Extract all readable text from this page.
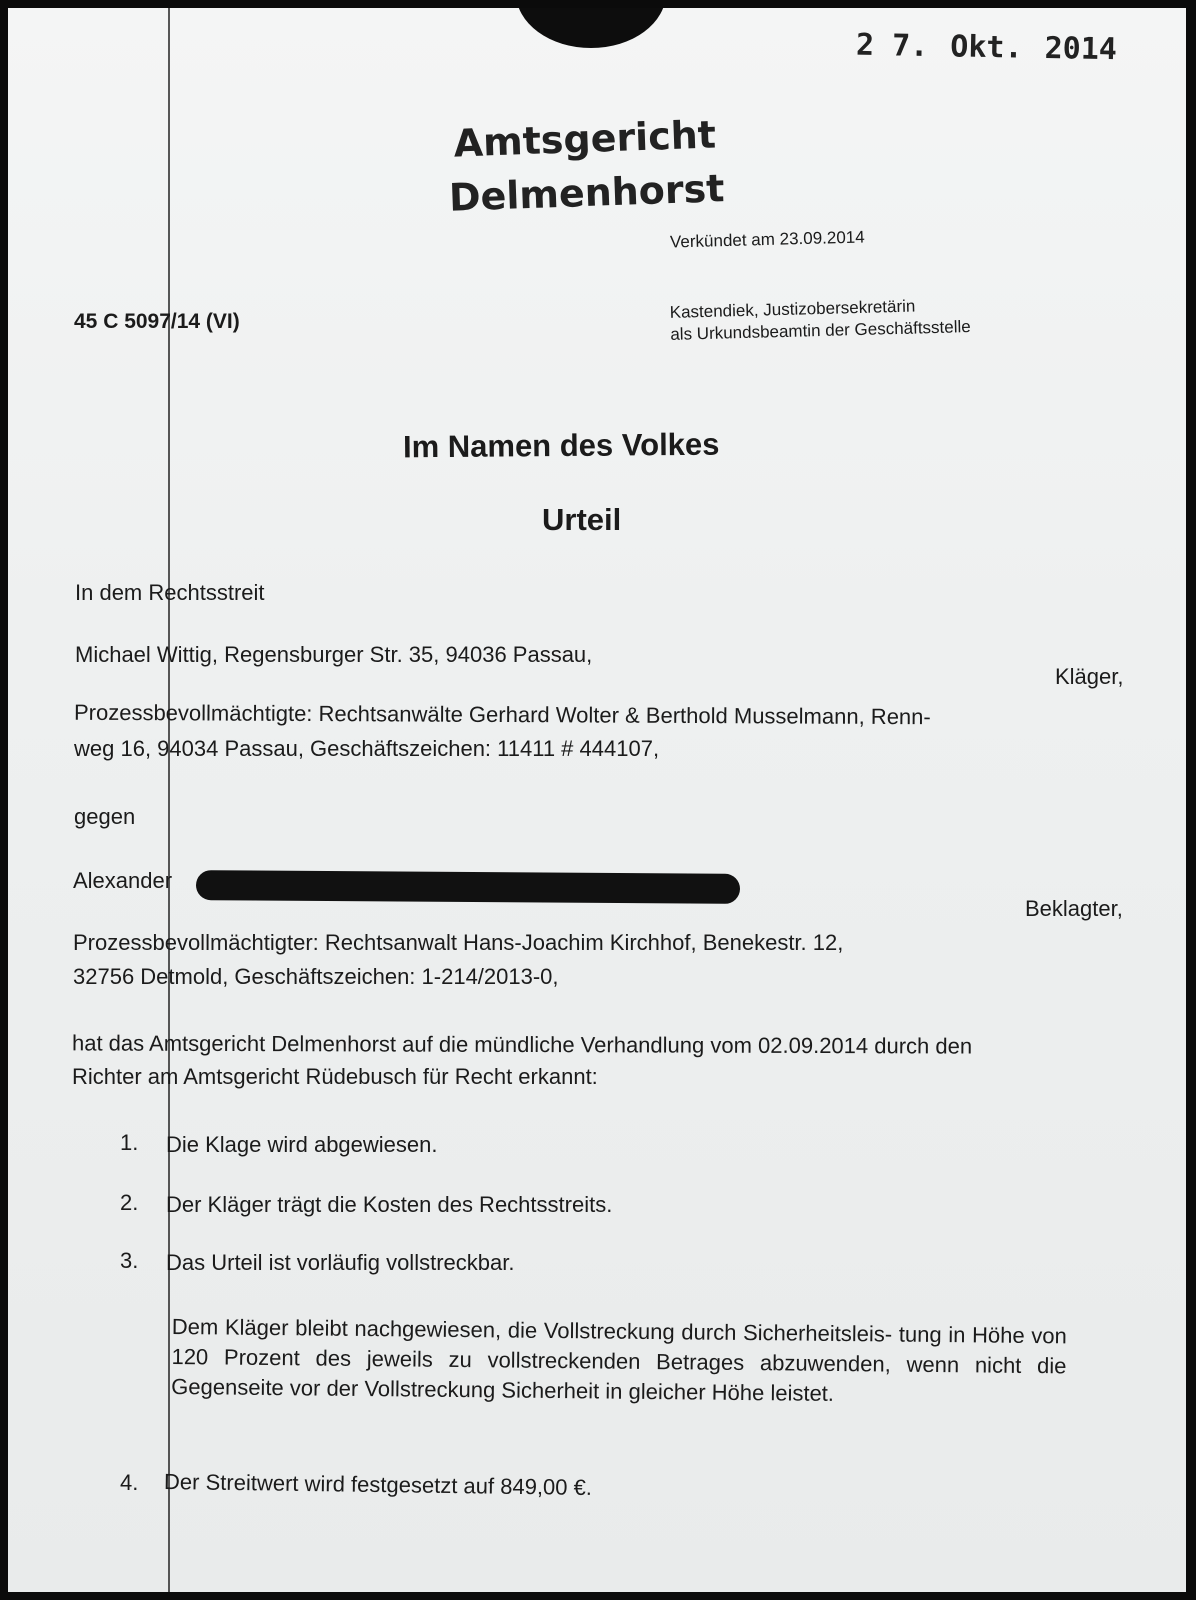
2 7. Okt. 2014
Amtsgericht
Delmenhorst
Verkündet am 23.09.2014
45 C 5097/14 (VI)	Kastendiek, Justizobersekretärin
als Urkundsbeamtin der Geschäftsstelle
Im Namen des Volkes
Urteil
In dem Rechtsstreit
Michael Wittig, Regensburger Str. 35, 94036 Passau,
Kläger,
Prozessbevollmächtigte: Rechtsanwälte Gerhard Wolter & Berthold Musselmann, Renn-
weg 16, 94034 Passau, Geschäftszeichen: 11411 # 444107,
gegen
Alexander
Beklagter,
Prozessbevollmächtigter: Rechtsanwalt Hans-Joachim Kirchhof, Benekestr. 12,
32756 Detmold, Geschäftszeichen: 1-214/2013-0,
hat das Amtsgericht Delmenhorst auf die mündliche Verhandlung vom 02.09.2014 durch den
Richter am Amtsgericht Rüdebusch für Recht erkannt:
1. Die Klage wird abgewiesen.
2. Der Kläger trägt die Kosten des Rechtsstreits.
3. Das Urteil ist vorläufig vollstreckbar.
Dem Kläger bleibt nachgewiesen, die Vollstreckung durch Sicherheitsleis- tung in Höhe von 120 Prozent des jeweils zu vollstreckenden Betrages abzuwenden, wenn nicht die Gegenseite vor der Vollstreckung Sicherheit in gleicher Höhe leistet.
4. Der Streitwert wird festgesetzt auf 849,00 €.
